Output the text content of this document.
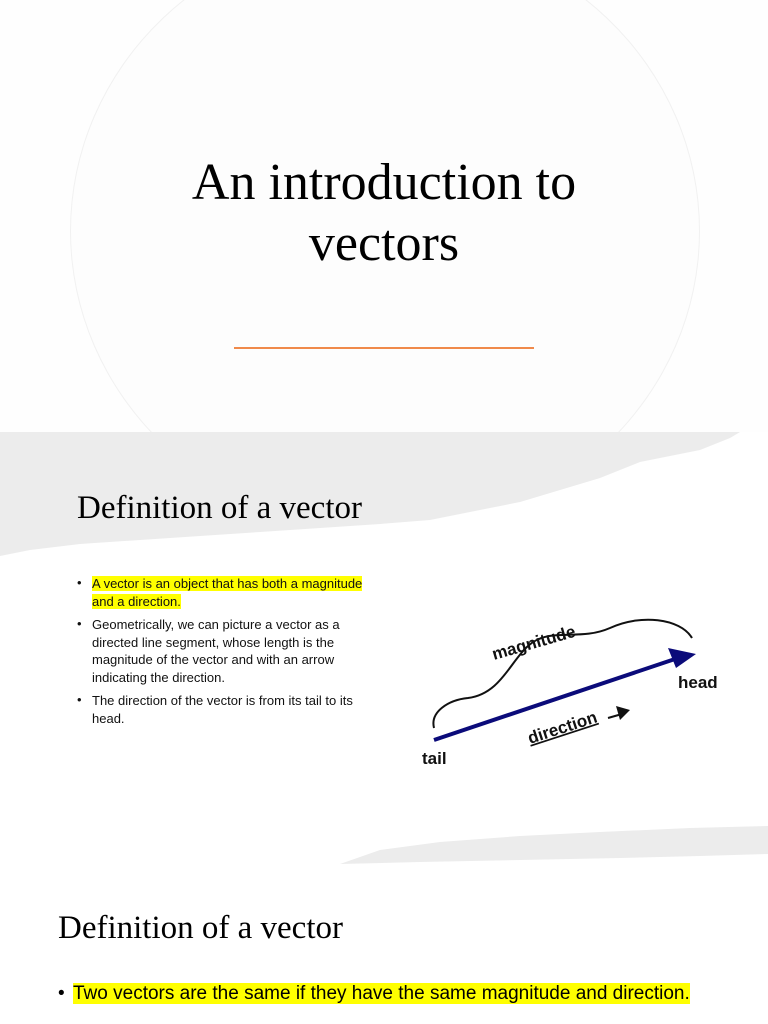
An introduction to
vectors
Definition of a vector
• A vector is an object that has both a magnitude and a direction.
• Geometrically, we can picture a vector as a directed line segment, whose length is the magnitude of the vector and with an arrow indicating the direction.
• The direction of the vector is from its tail to its head.
magnitude
head
tail
direction
Definition of a vector
• Two vectors are the same if they have the same magnitude and direction.
